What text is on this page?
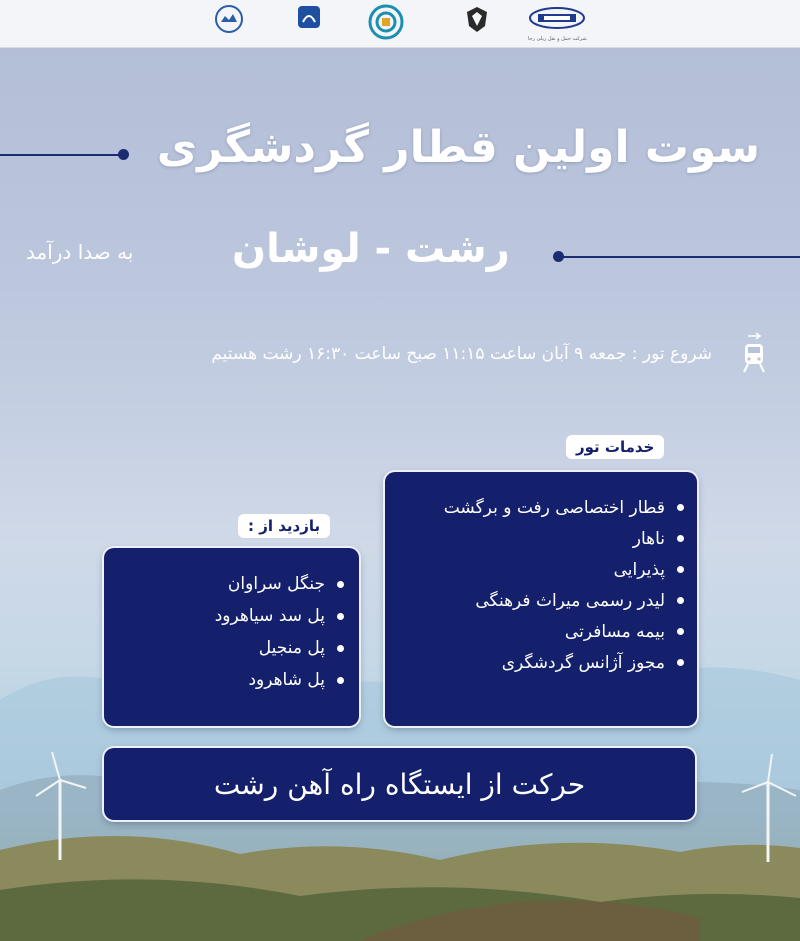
شرکت حمل و نقل ریلی رجا
سوت اولین قطار گردشگری
رشت - لوشان
به صدا درآمد
شروع تور : جمعه ۹ آبان ساعت ۱۱:۱۵ صبح ساعت ۱۶:۳۰ رشت هستیم
خدمات تور
قطار اختصاصی رفت و برگشت
ناهار
پذیرایی
لیدر رسمی میراث فرهنگی
بیمه مسافرتی
مجوز آژانس گردشگری
بازدید از :
جنگل سراوان
پل سد سیاهرود
پل منجیل
پل شاهرود
حرکت از ایستگاه راه آهن رشت
